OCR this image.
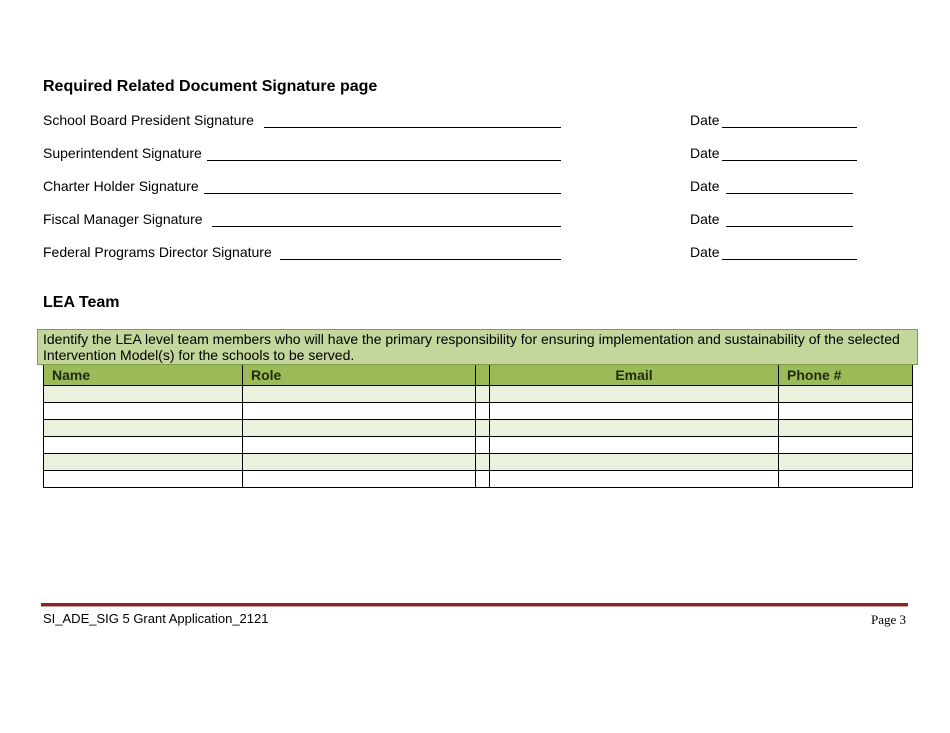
Required Related Document Signature page
School Board President Signature	Date
Superintendent Signature	Date
Charter Holder Signature	Date
Fiscal Manager Signature	Date
Federal Programs Director Signature	Date
LEA Team
Identify the LEA level team members who will have the primary responsibility for ensuring implementation and sustainability of the selected Intervention Model(s) for the schools to be served.
Name	Role		Email	Phone #

SI_ADE_SIG 5 Grant Application_2121	Page 3
